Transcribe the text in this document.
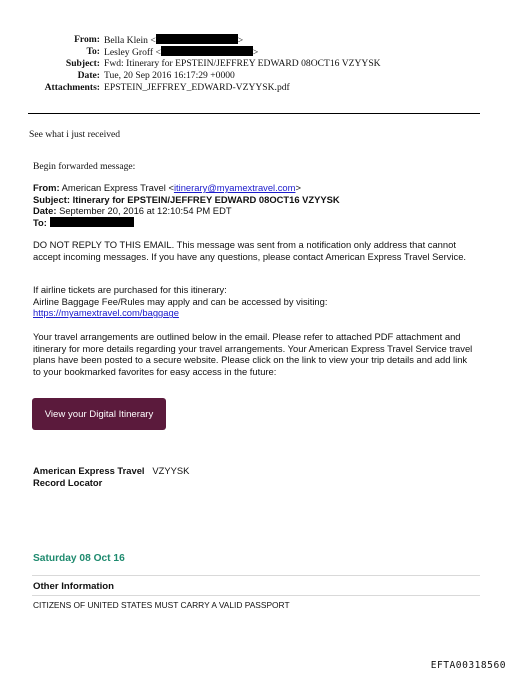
From: Bella Klein <	>
To: Lesley Groff <	>
Subject: Fwd: Itinerary for EPSTEIN/JEFFREY EDWARD 08OCT16 VZYYSK
Date: Tue, 20 Sep 2016 16:17:29 +0000
Attachments: EPSTEIN_JEFFREY_EDWARD-VZYYSK.pdf
See what i just received
Begin forwarded message:
From: American Express Travel <itinerary@myamextravel.com>
Subject: Itinerary for EPSTEIN/JEFFREY EDWARD 08OCT16 VZYYSK
Date: September 20, 2016 at 12:10:54 PM EDT
To:
DO NOT REPLY TO THIS EMAIL. This message was sent from a notification only address that cannot accept incoming messages. If you have any questions, please contact American Express Travel Service.
If airline tickets are purchased for this itinerary:
Airline Baggage Fee/Rules may apply and can be accessed by visiting:
https://myamextravel.com/baggage
Your travel arrangements are outlined below in the email. Please refer to attached PDF attachment and itinerary for more details regarding your travel arrangements. Your American Express Travel Service travel plans have been posted to a secure website. Please click on the link to view your trip details and add link to your bookmarked favorites for easy access in the future:
View your Digital Itinerary
American Express Travel VZYYSK
Record Locator
Saturday 08 Oct 16
Other Information
CITIZENS OF UNITED STATES MUST CARRY A VALID PASSPORT
EFTA00318560
